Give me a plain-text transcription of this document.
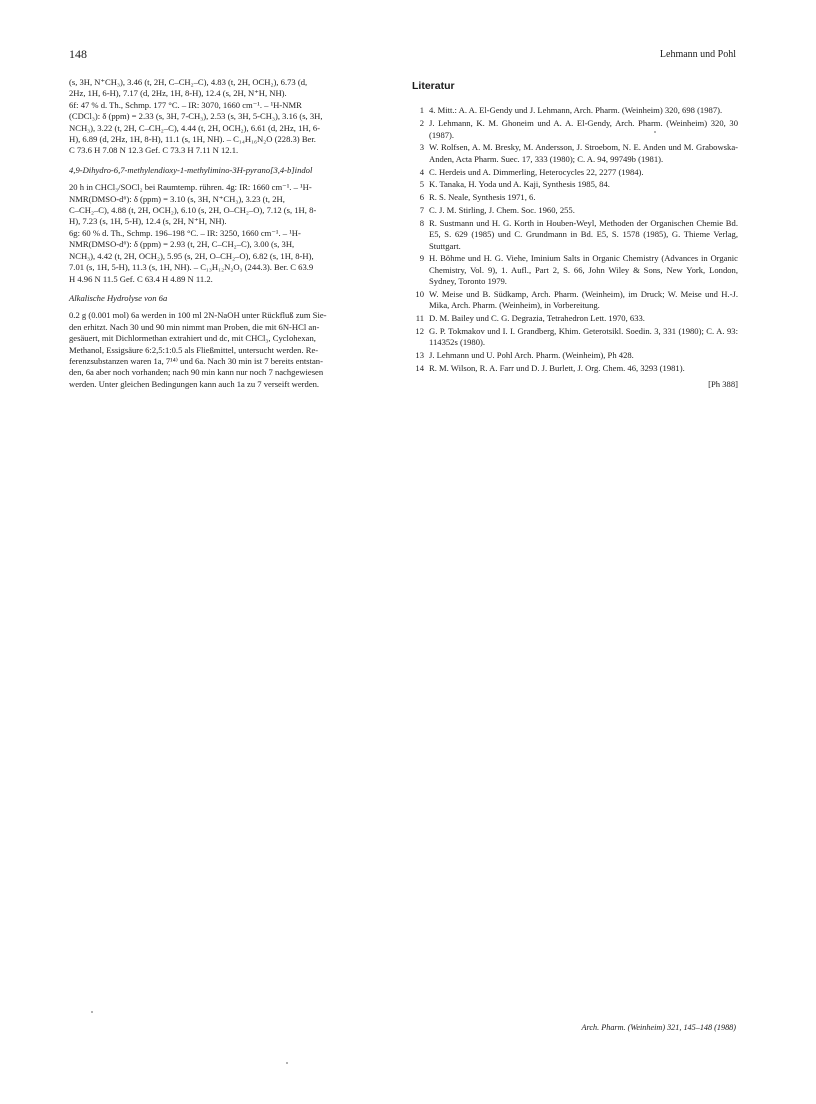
148	Lehmann und Pohl

(s, 3H, N⁺CH₃), 3.46 (t, 2H, C–CH₂–C), 4.83 (t, 2H, OCH₂), 6.73 (d,

2Hz, 1H, 6-H), 7.17 (d, 2Hz, 1H, 8-H), 12.4 (s, 2H, N⁺H, NH).

6f: 47 % d. Th., Schmp. 177 °C. – IR: 3070, 1660 cm⁻¹. – ¹H-NMR

(CDCl₃): δ (ppm) = 2.33 (s, 3H, 7-CH₃), 2.53 (s, 3H, 5-CH₃), 3.16 (s, 3H,

NCH₃), 3.22 (t, 2H, C–CH₂–C), 4.44 (t, 2H, OCH₂), 6.61 (d, 2Hz, 1H, 6-

H), 6.89 (d, 2Hz, 1H, 8-H), 11.1 (s, 1H, NH). – C₁₄H₁₆N₂O (228.3) Ber.

C 73.6 H 7.08 N 12.3 Gef. C 73.3 H 7.11 N 12.1.

4,9-Dihydro-6,7-methylendioxy-1-methylimino-3H-pyrano[3,4-b]indol

20 h in CHCl₃/SOCl₂ bei Raumtemp. rühren. 4g: IR: 1660 cm⁻¹. – ¹H-

NMR(DMSO-d⁶): δ (ppm) = 3.10 (s, 3H, N⁺CH₃), 3.23 (t, 2H,

C–CH₂–C), 4.88 (t, 2H, OCH₂), 6.10 (s, 2H, O–CH₂–O), 7.12 (s, 1H, 8-

H), 7.23 (s, 1H, 5-H), 12.4 (s, 2H, N⁺H, NH).

6g: 60 % d. Th., Schmp. 196–198 °C. – IR: 3250, 1660 cm⁻¹. – ¹H-

NMR(DMSO-d⁶): δ (ppm) = 2.93 (t, 2H, C–CH₂–C), 3.00 (s, 3H,

NCH₃), 4.42 (t, 2H, OCH₂), 5.95 (s, 2H, O–CH₂–O), 6.82 (s, 1H, 8-H),

7.01 (s, 1H, 5-H), 11.3 (s, 1H, NH). – C₁₃H₁₂N₂O₃ (244.3). Ber. C 63.9

H 4.96 N 11.5 Gef. C 63.4 H 4.89 N 11.2.

Alkalische Hydrolyse von 6a

0.2 g (0.001 mol) 6a werden in 100 ml 2N-NaOH unter Rückfluß zum Sie-

den erhitzt. Nach 30 und 90 min nimmt man Proben, die mit 6N-HCl an-

gesäuert, mit Dichlormethan extrahiert und dc, mit CHCl₃, Cyclohexan,

Methanol, Essigsäure 6:2,5:1:0.5 als Fließmittel, untersucht werden. Re-

ferenzsubstanzen waren 1a, 7¹⁴⁾ und 6a. Nach 30 min ist 7 bereits entstan-

den, 6a aber noch vorhanden; nach 90 min kann nur noch 7 nachgewiesen

werden. Unter gleichen Bedingungen kann auch 1a zu 7 verseift werden.

Literatur
1 4. Mitt.: A. A. El-Gendy und J. Lehmann, Arch. Pharm. (Weinheim) 320, 698 (1987).
2 J. Lehmann, K. M. Ghoneim und A. A. El-Gendy, Arch. Pharm. (Weinheim) 320, 30 (1987).
3 W. Rolfsen, A. M. Bresky, M. Andersson, J. Stroebom, N. E. Anden und M. Grabowska-Anden, Acta Pharm. Suec. 17, 333 (1980); C. A. 94, 99749b (1981).
4 C. Herdeis und A. Dimmerling, Heterocycles 22, 2277 (1984).
5 K. Tanaka, H. Yoda und A. Kaji, Synthesis 1985, 84.
6 R. S. Neale, Synthesis 1971, 6.
7 C. J. M. Stirling, J. Chem. Soc. 1960, 255.
8 R. Sustmann und H. G. Korth in Houben-Weyl, Methoden der Organischen Chemie Bd. E5, S. 629 (1985) und C. Grundmann in Bd. E5, S. 1578 (1985), G. Thieme Verlag, Stuttgart.
9 H. Böhme und H. G. Viehe, Iminium Salts in Organic Chemistry (Advances in Organic Chemistry, Vol. 9), 1. Aufl., Part 2, S. 66, John Wiley & Sons, New York, London, Sydney, Toronto 1979.
10 W. Meise und B. Südkamp, Arch. Pharm. (Weinheim), im Druck; W. Meise und H.-J. Mika, Arch. Pharm. (Weinheim), in Vorbereitung.
11 D. M. Bailey und C. G. Degrazia, Tetrahedron Lett. 1970, 633.
12 G. P. Tokmakov und I. I. Grandberg, Khim. Geterotsikl. Soedin. 3, 331 (1980); C. A. 93: 114352s (1980).
13 J. Lehmann und U. Pohl Arch. Pharm. (Weinheim), Ph 428.
14 R. M. Wilson, R. A. Farr und D. J. Burlett, J. Org. Chem. 46, 3293 (1981).
[Ph 388]
Arch. Pharm. (Weinheim) 321, 145–148 (1988)
